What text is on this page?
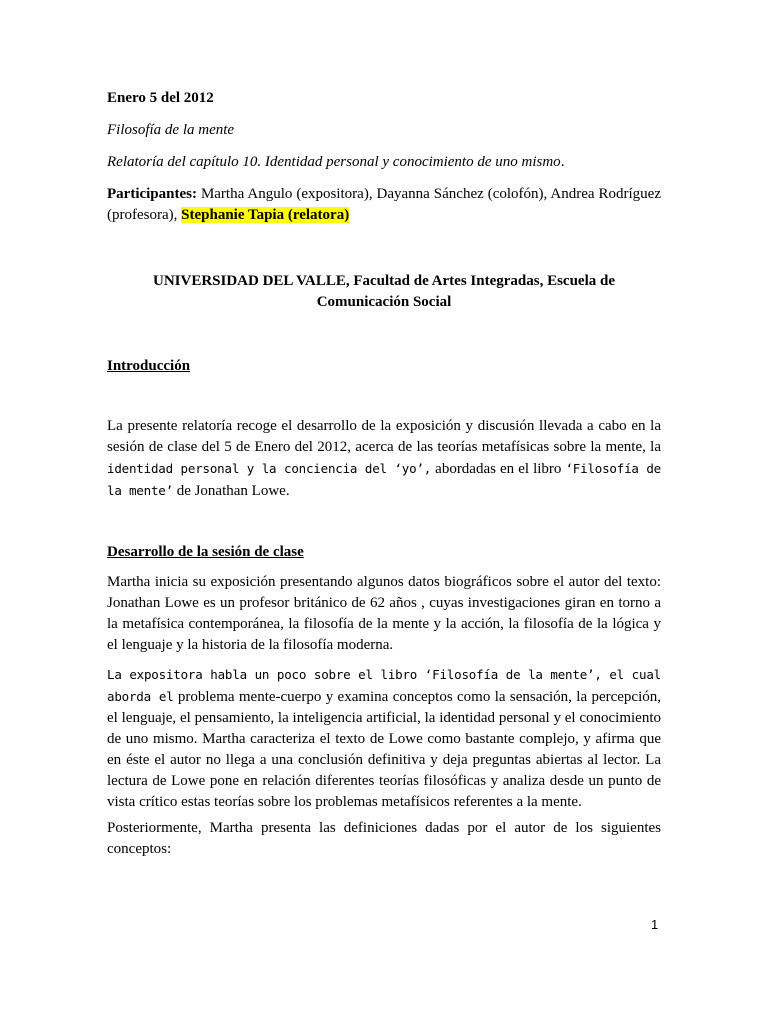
Enero 5 del 2012
Filosofía de la mente
Relatoría del capítulo 10. Identidad personal y conocimiento de uno mismo.
Participantes: Martha Angulo (expositora), Dayanna Sánchez (colofón), Andrea Rodríguez (profesora), Stephanie Tapia (relatora)
UNIVERSIDAD DEL VALLE, Facultad de Artes Integradas, Escuela de
Comunicación Social
Introducción
La presente relatoría recoge el desarrollo de la exposición y discusión llevada a cabo en la sesión de clase del 5 de Enero del 2012, acerca de las teorías metafísicas sobre la mente, la identidad personal y la conciencia del ‘yo’, abordadas en el libro ‘Filosofía de la mente’ de Jonathan Lowe.
Desarrollo de la sesión de clase
Martha inicia su exposición presentando algunos datos biográficos sobre el autor del texto: Jonathan Lowe es un profesor británico de 62 años , cuyas investigaciones giran en torno a la metafísica contemporánea, la filosofía de la mente y la acción, la filosofía de la lógica y el lenguaje y la historia de la filosofía moderna.
La expositora habla un poco sobre el libro ‘Filosofía de la mente’, el cual aborda el problema mente-cuerpo y examina conceptos como la sensación, la percepción, el lenguaje, el pensamiento, la inteligencia artificial, la identidad personal y el conocimiento de uno mismo. Martha caracteriza el texto de Lowe como bastante complejo, y afirma que en éste el autor no llega a una conclusión definitiva y deja preguntas abiertas al lector. La lectura de Lowe pone en relación diferentes teorías filosóficas y analiza desde un punto de vista crítico estas teorías sobre los problemas metafísicos referentes a la mente.
Posteriormente, Martha presenta las definiciones dadas por el autor de los siguientes conceptos:
1
